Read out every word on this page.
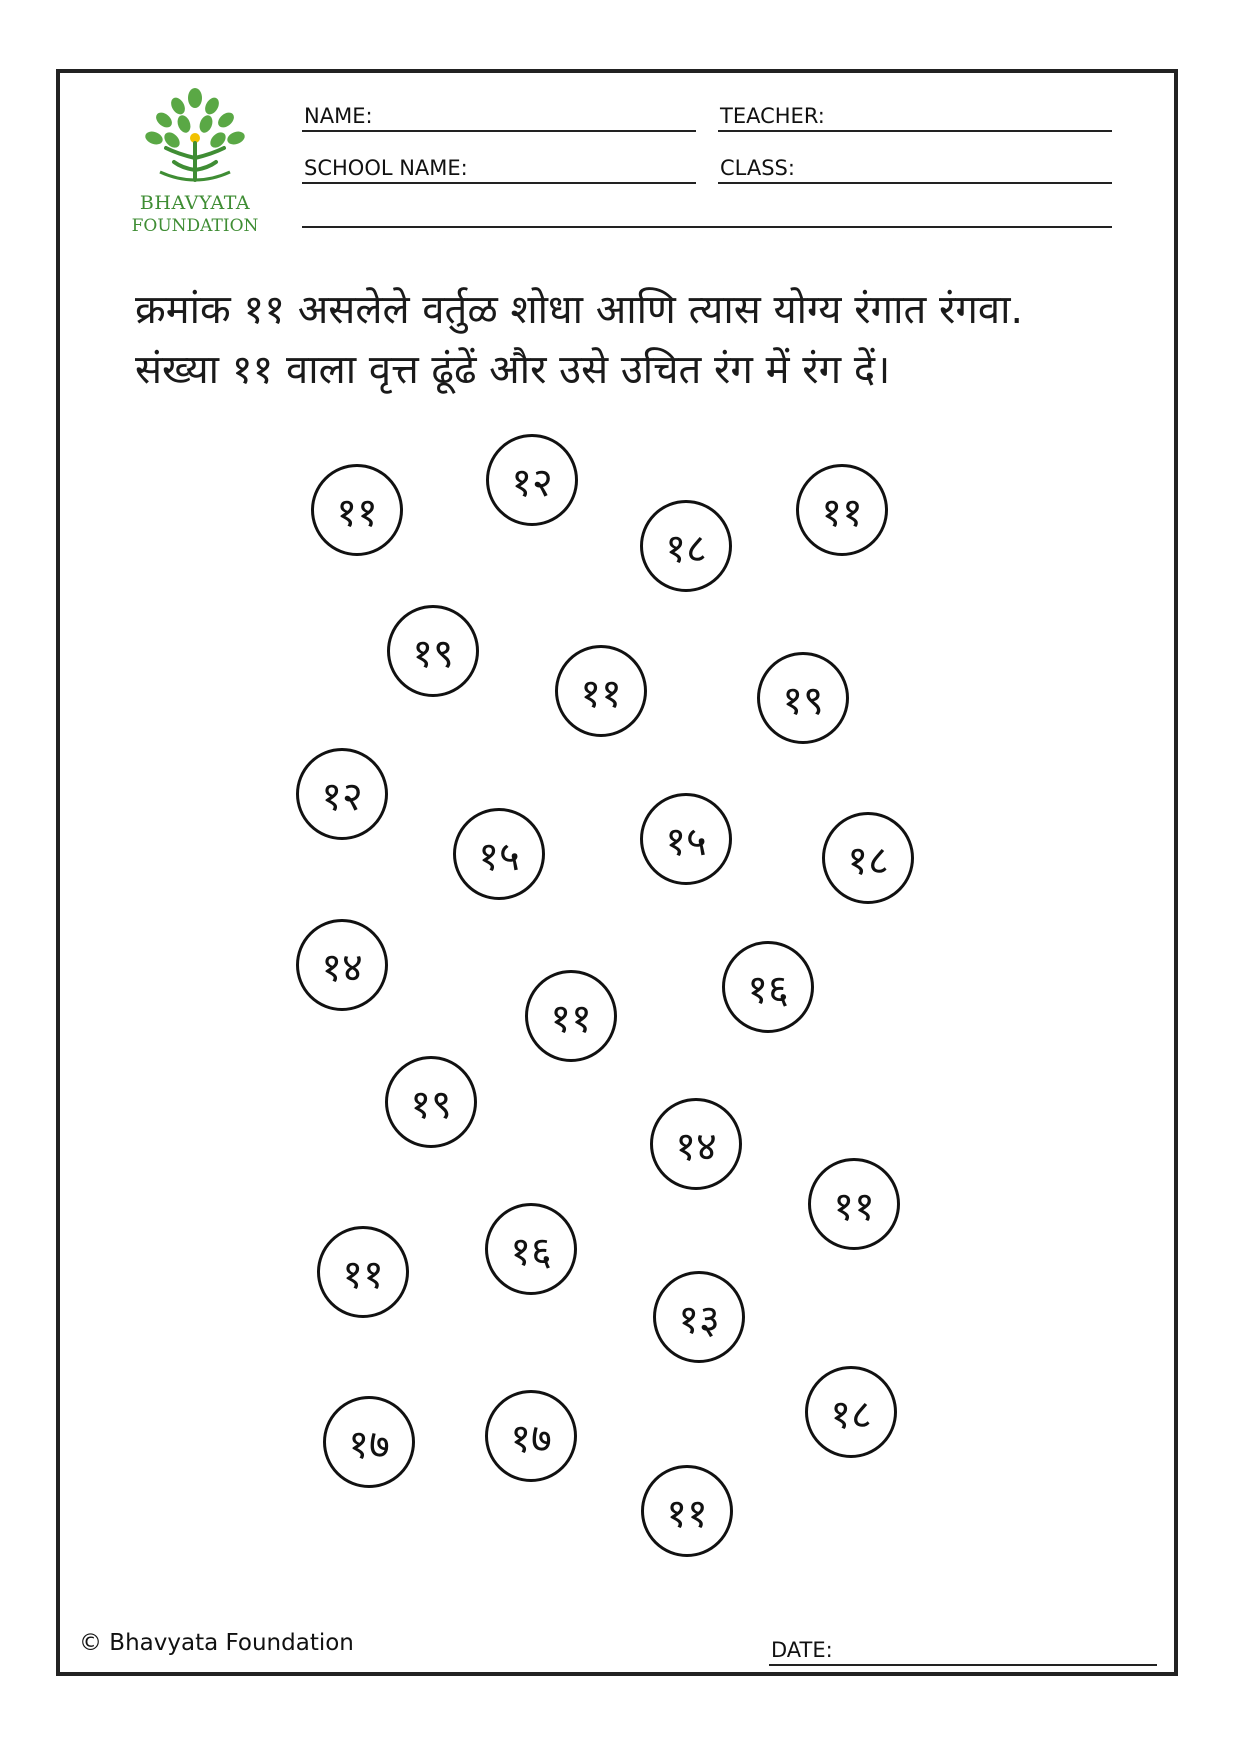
BHAVYATA
FOUNDATION
NAME:	TEACHER:
SCHOOL NAME:	CLASS:
क्रमांक ११ असलेले वर्तुळ शोधा आणि त्यास योग्य रंगात रंगवा.
संख्या ११ वाला वृत्त ढूंढें और उसे उचित रंग में रंग दें।
११
१२
१८
११
१९
११	१९
१२
१५	१५	१८
१४
११
१६
१९
१४
११
११	१६
१३
१७	१७
१८
११
© Bhavyata Foundation	DATE:
